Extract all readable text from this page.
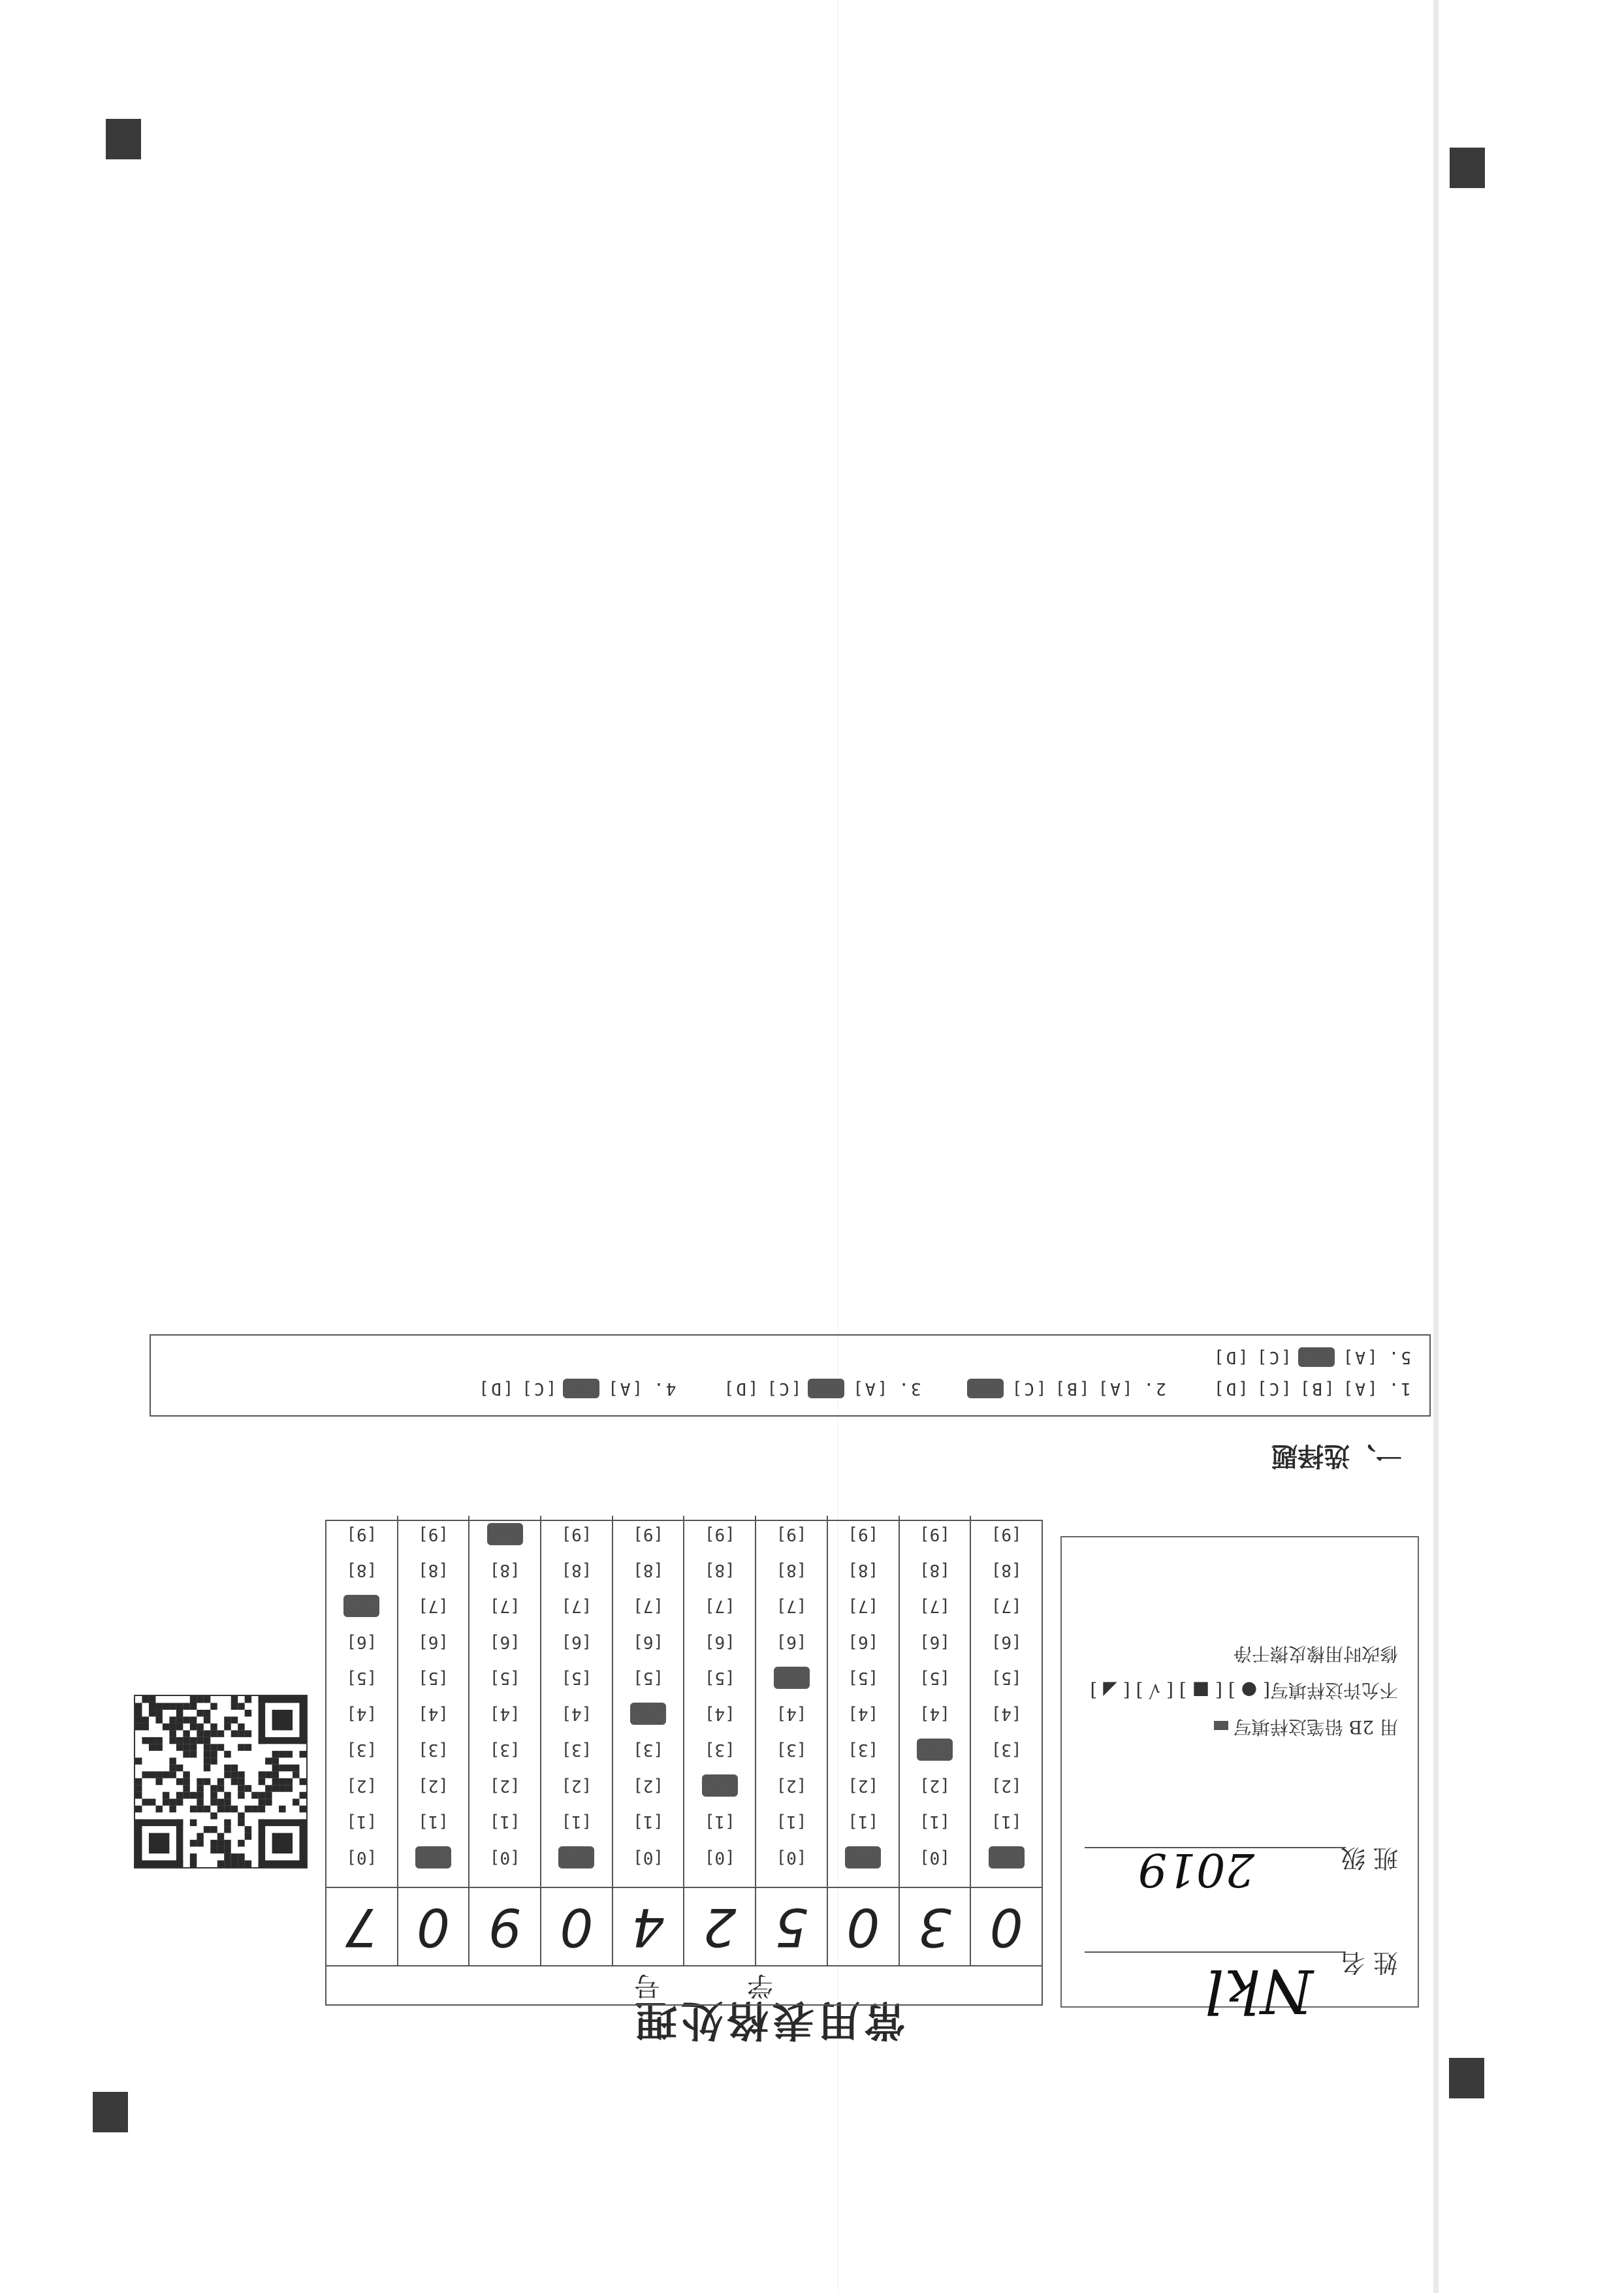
常用表格处理
学 号
0
3
0
5
2
4
0
9
0
7
[0]
[1]
[2]
[3]
[4]
[5]
[6]
[7]
[8]
[9]
[0]
[1]
[2]
[3]
[4]
[5]
[6]
[7]
[8]
[9]
[0]
[1]
[2]
[3]
[4]
[5]
[6]
[7]
[8]
[9]
[0]
[1]
[2]
[3]
[4]
[5]
[6]
[7]
[8]
[9]
[0]
[1]
[2]
[3]
[4]
[5]
[6]
[7]
[8]
[9]
[0]
[1]
[2]
[3]
[4]
[5]
[6]
[7]
[8]
[9]
[0]
[1]
[2]
[3]
[4]
[5]
[6]
[7]
[8]
[9]
[0]
[1]
[2]
[3]
[4]
[5]
[6]
[7]
[8]
[9]
[0]
[1]
[2]
[3]
[4]
[5]
[6]
[7]
[8]
[9]
[0]
[1]
[2]
[3]
[4]
[5]
[6]
[7]
[8]
[9]
姓 名
Nkl
班 级
2019
用 2B 铅笔这样填写
不允许这样填写[ ● ] [ ■ ] [ √ ] [ ◢ ]
修改时用橡皮擦干净
一、选择题
1.[A][B][C][D]2.[A][B][C][D]3.[A][B][C][D]4.[A][B][C][D]
5.[A][B][C][D]
